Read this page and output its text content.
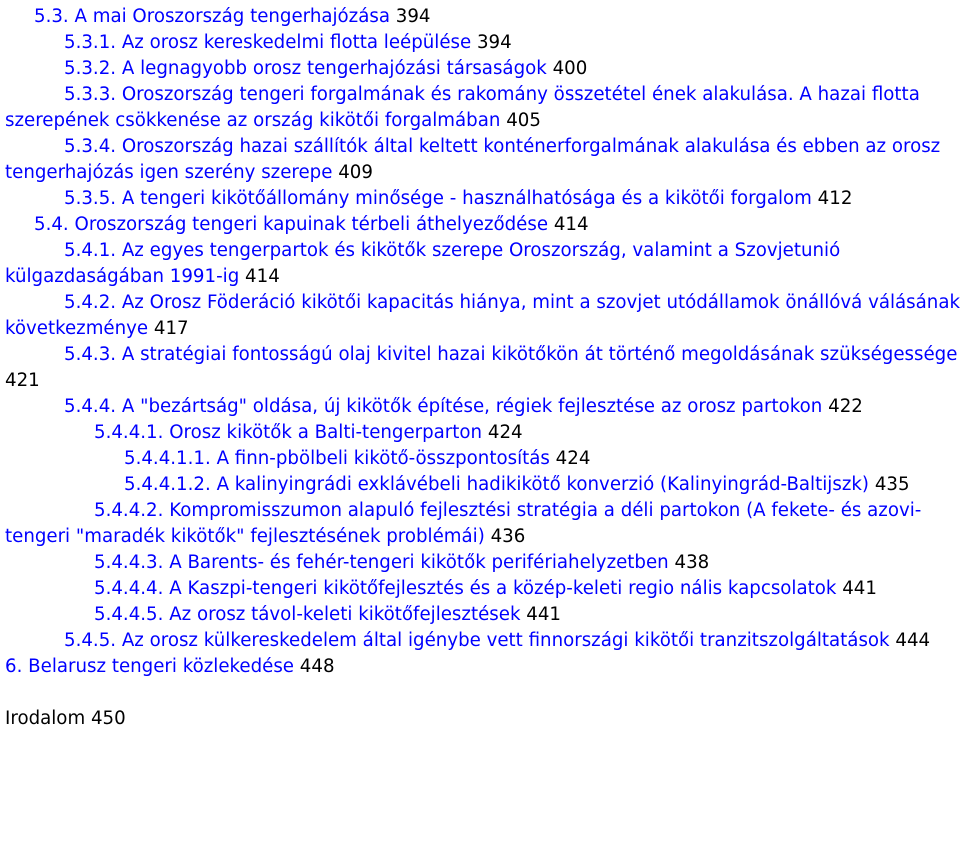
5.3. A mai Oroszország tengerhajózása 394

5.3.1. Az orosz kereskedelmi flotta leépülése 394

5.3.2. A legnagyobb orosz tengerhajózási társaságok 400

5.3.3. Oroszország tengeri forgalmának és rakomány összetétel ének alakulása. A hazai flotta szerepének csökkenése az ország kikötői forgalmában 405

5.3.4. Oroszország hazai szállítók által keltett konténerforgalmának alakulása és ebben az orosz tengerhajózás igen szerény szerepe 409

5.3.5. A tengeri kikötőállomány minősége - használhatósága és a kikötői forgalom 412

5.4. Oroszország tengeri kapuinak térbeli áthelyeződése 414

5.4.1. Az egyes tengerpartok és kikötők szerepe Oroszország, valamint a Szovjetunió külgazdaságában 1991-ig 414

5.4.2. Az Orosz Föderáció kikötői kapacitás hiánya, mint a szovjet utódállamok önállóvá válásának következménye 417

5.4.3. A stratégiai fontosságú olaj kivitel hazai kikötőkön át történő megoldásának szükségessége 421

5.4.4. A "bezártság" oldása, új kikötők építése, régiek fejlesztése az orosz partokon 422

5.4.4.1. Orosz kikötők a Balti-tengerparton 424

5.4.4.1.1. A finn-pbölbeli kikötő-összpontosítás 424

5.4.4.1.2. A kalinyingrádi exklávébeli hadikikötő konverzió (Kalinyingrád-Baltijszk) 435

5.4.4.2. Kompromisszumon alapuló fejlesztési stratégia a déli partokon (A fekete- és azovi-tengeri "maradék kikötők" fejlesztésének problémái) 436

5.4.4.3. A Barents- és fehér-tengeri kikötők perifériahelyzetben 438

5.4.4.4. A Kaszpi-tengeri kikötőfejlesztés és a közép-keleti regio nális kapcsolatok 441

5.4.4.5. Az orosz távol-keleti kikötőfejlesztések 441

5.4.5. Az orosz külkereskedelem által igénybe vett finnországi kikötői tranzitszolgáltatások 444

6. Belarusz tengeri közlekedése 448

Irodalom 450
